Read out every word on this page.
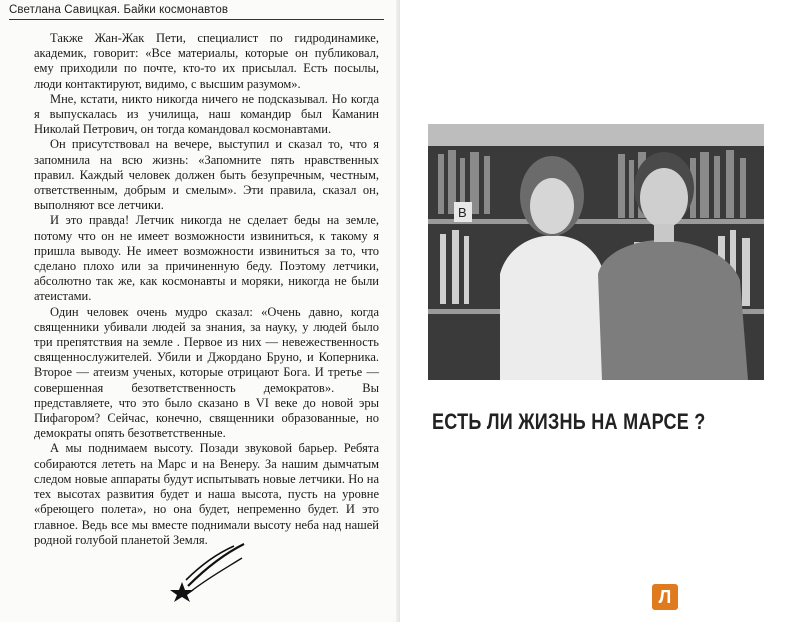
Светлана Савицкая. Байки космонавтов

Также Жан-Жак Пети, специалист по гидродинамике, академик, говорит: «Все материалы, которые он публиковал, ему приходили по почте, кто-то их присылал. Есть посылы, люди контактируют, видимо, с высшим разумом».

Мне, кстати, никто никогда ничего не подсказывал. Но когда я выпускалась из училища, наш командир был Каманин Николай Петрович, он тогда командовал космонавтами.

Он присутствовал на вечере, выступил и сказал то, что я запомнила на всю жизнь: «Запомните пять нравственных правил. Каждый человек должен быть безупречным, честным, ответственным, добрым и смелым». Эти правила, сказал он, выполняют все летчики.

И это правда! Летчик никогда не сделает беды на земле, потому что он не имеет возможности извиниться, к такому я пришла выводу. Не имеет возможности извиниться за то, что сделано плохо или за причиненную беду. Поэтому летчики, абсолютно так же, как космонавты и моряки, никогда не были атеистами.

Один человек очень мудро сказал: «Очень давно, когда священники убивали людей за знания, за науку, у людей было три препятствия на земле . Первое из них — невежественность священнослужителей. Убили и Джордано Бруно, и Коперника. Второе — атеизм ученых, которые отрицают Бога. И третье — совершенная безответственность демократов». Вы представляете, что это было сказано в VI веке до новой эры Пифагором? Сейчас, конечно, священники образованные, но демократы опять безответственные.

А мы поднимаем высоту. Позади звуковой барьер. Ребята собираются лететь на Марс и на Венеру. За нашим дымчатым следом новые аппараты будут испытывать новые летчики. Но на тех высотах развития будет и наша высота, пусть на уровне «бреющего полета», но она будет, непременно будет. И это главное. Ведь все мы вместе поднимали высоту неба над нашей родной голубой планетой Земля.

B
ЕСТЬ ЛИ ЖИЗНЬ НА МАРСЕ ?
Л
